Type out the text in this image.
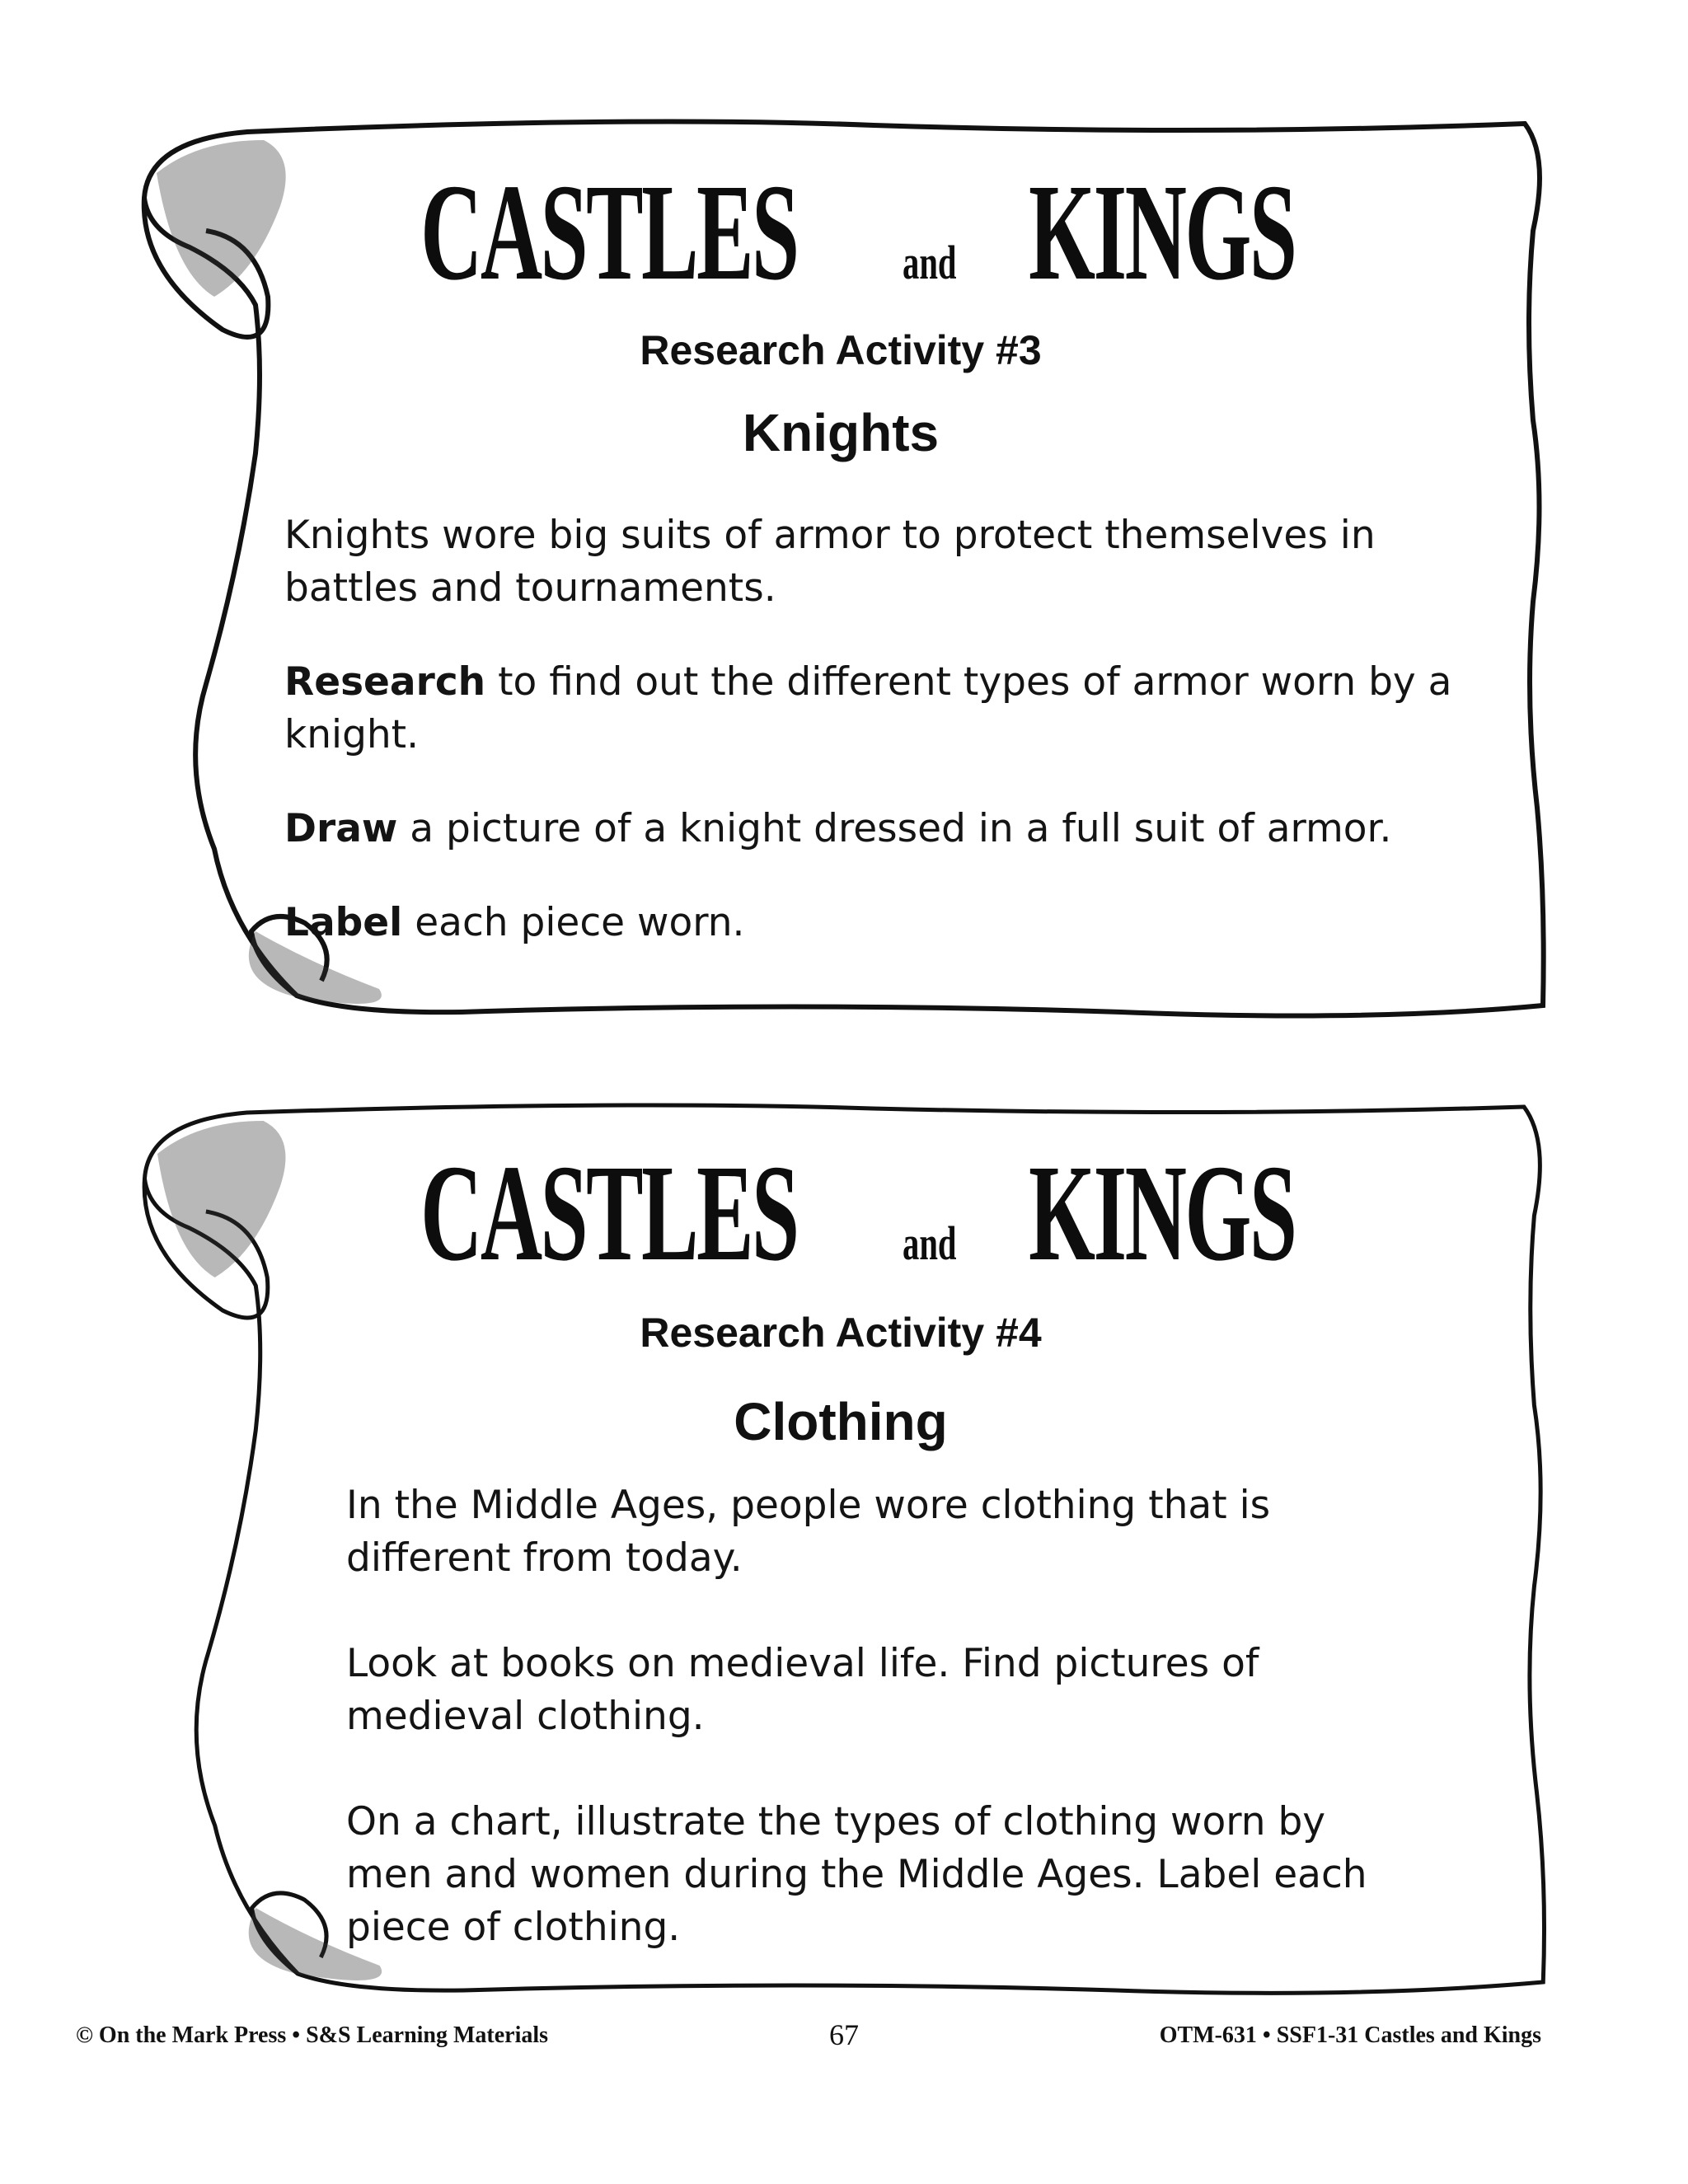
CASTLES and KINGS
Research Activity #3
Knights

Knights wore big suits of armor to protect themselves in battles and tournaments.

Research to find out the different types of armor worn by a knight.

Draw a picture of a knight dressed in a full suit of armor.

Label each piece worn.

CASTLES and KINGS
Research Activity #4
Clothing

In the Middle Ages, people wore clothing that is different from today.

Look at books on medieval life. Find pictures of medieval clothing.

On a chart, illustrate the types of clothing worn by men and women during the Middle Ages. Label each piece of clothing.

© On the Mark Press • S&S Learning Materials	67	OTM-631 • SSF1-31 Castles and Kings
